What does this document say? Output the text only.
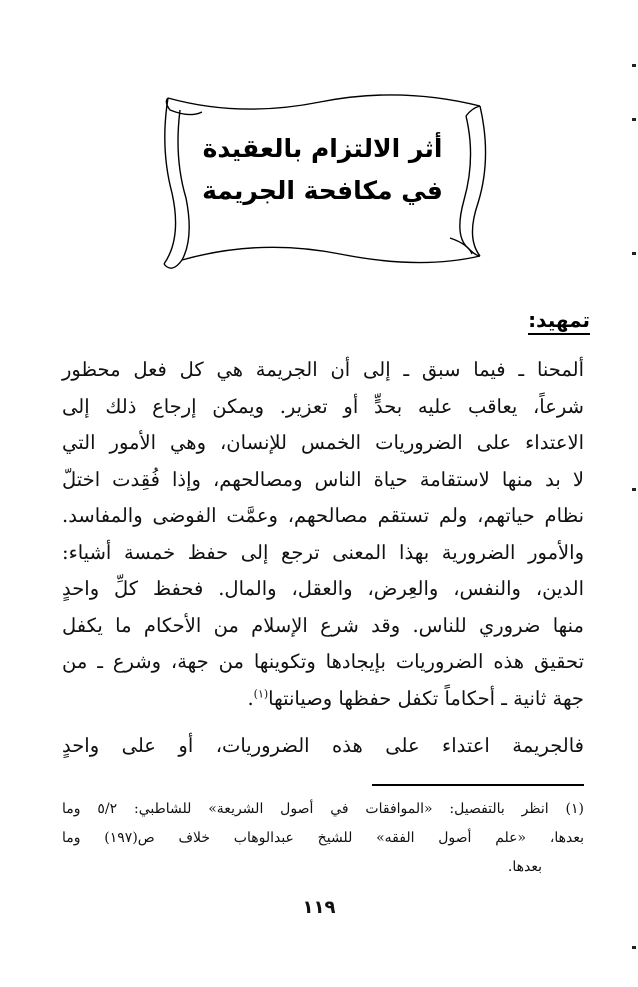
أثر الالتزام بالعقيدة
في مكافحة الجريمة
تمهيد:
ألمحنا ـ فيما سبق ـ إلى أن الجريمة هي كل فعل محظور
شرعاً، يعاقب عليه بحدٍّ أو تعزير. ويمكن إرجاع ذلك إلى
الاعتداء على الضروريات الخمس للإنسان، وهي الأمور التي
لا بد منها لاستقامة حياة الناس ومصالحهم، وإذا فُقِدت اختلّ
نظام حياتهم، ولم تستقم مصالحهم، وعمَّت الفوضى والمفاسد.
والأمور الضرورية بهذا المعنى ترجع إلى حفظ خمسة أشياء:
الدين، والنفس، والعِرض، والعقل، والمال. فحفظ كلِّ واحدٍ
منها ضروري للناس. وقد شرع الإسلام من الأحكام ما يكفل
تحقيق هذه الضروريات بإيجادها وتكوينها من جهة، وشرع ـ من
جهة ثانية ـ أحكاماً تكفل حفظها وصيانتها$^{(١)}$.
فالجريمة اعتداء على هذه الضروريات، أو على واحدٍ
(١) انظر بالتفصيل: «الموافقات في أصول الشريعة» للشاطبي: ٥/٢ وما
بعدها، «علم أصول الفقه» للشيخ عبدالوهاب خلاف ص(١٩٧) وما
بعدها.
١١٩
